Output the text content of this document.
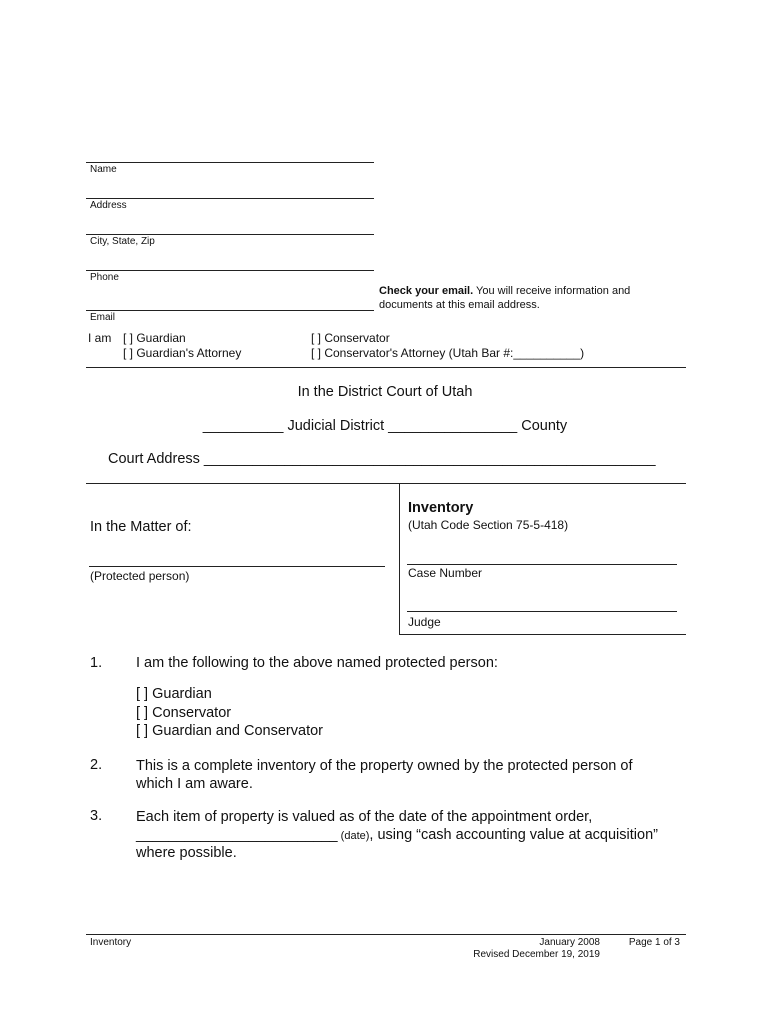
Name
Address
City, State, Zip
Phone
Email
Check your email. You will receive information and documents at this email address.
I am [ ] Guardian
[ ] Guardian's Attorney
[ ] Conservator
[ ] Conservator's Attorney (Utah Bar #:__________)
In the District Court of Utah
__________ Judicial District ________________ County
Court Address ________________________________________________________
In the Matter of:
(Protected person)
Inventory
(Utah Code Section 75-5-418)
Case Number
Judge
1. I am the following to the above named protected person:
[ ] Guardian
[ ] Conservator
[ ] Guardian and Conservator
2. This is a complete inventory of the property owned by the protected person of which I am aware.
3. Each item of property is valued as of the date of the appointment order,
_________________________ (date), using “cash accounting value at acquisition”
where possible.
Inventory	January 2008
Revised December 19, 2019
Page 1 of 3
